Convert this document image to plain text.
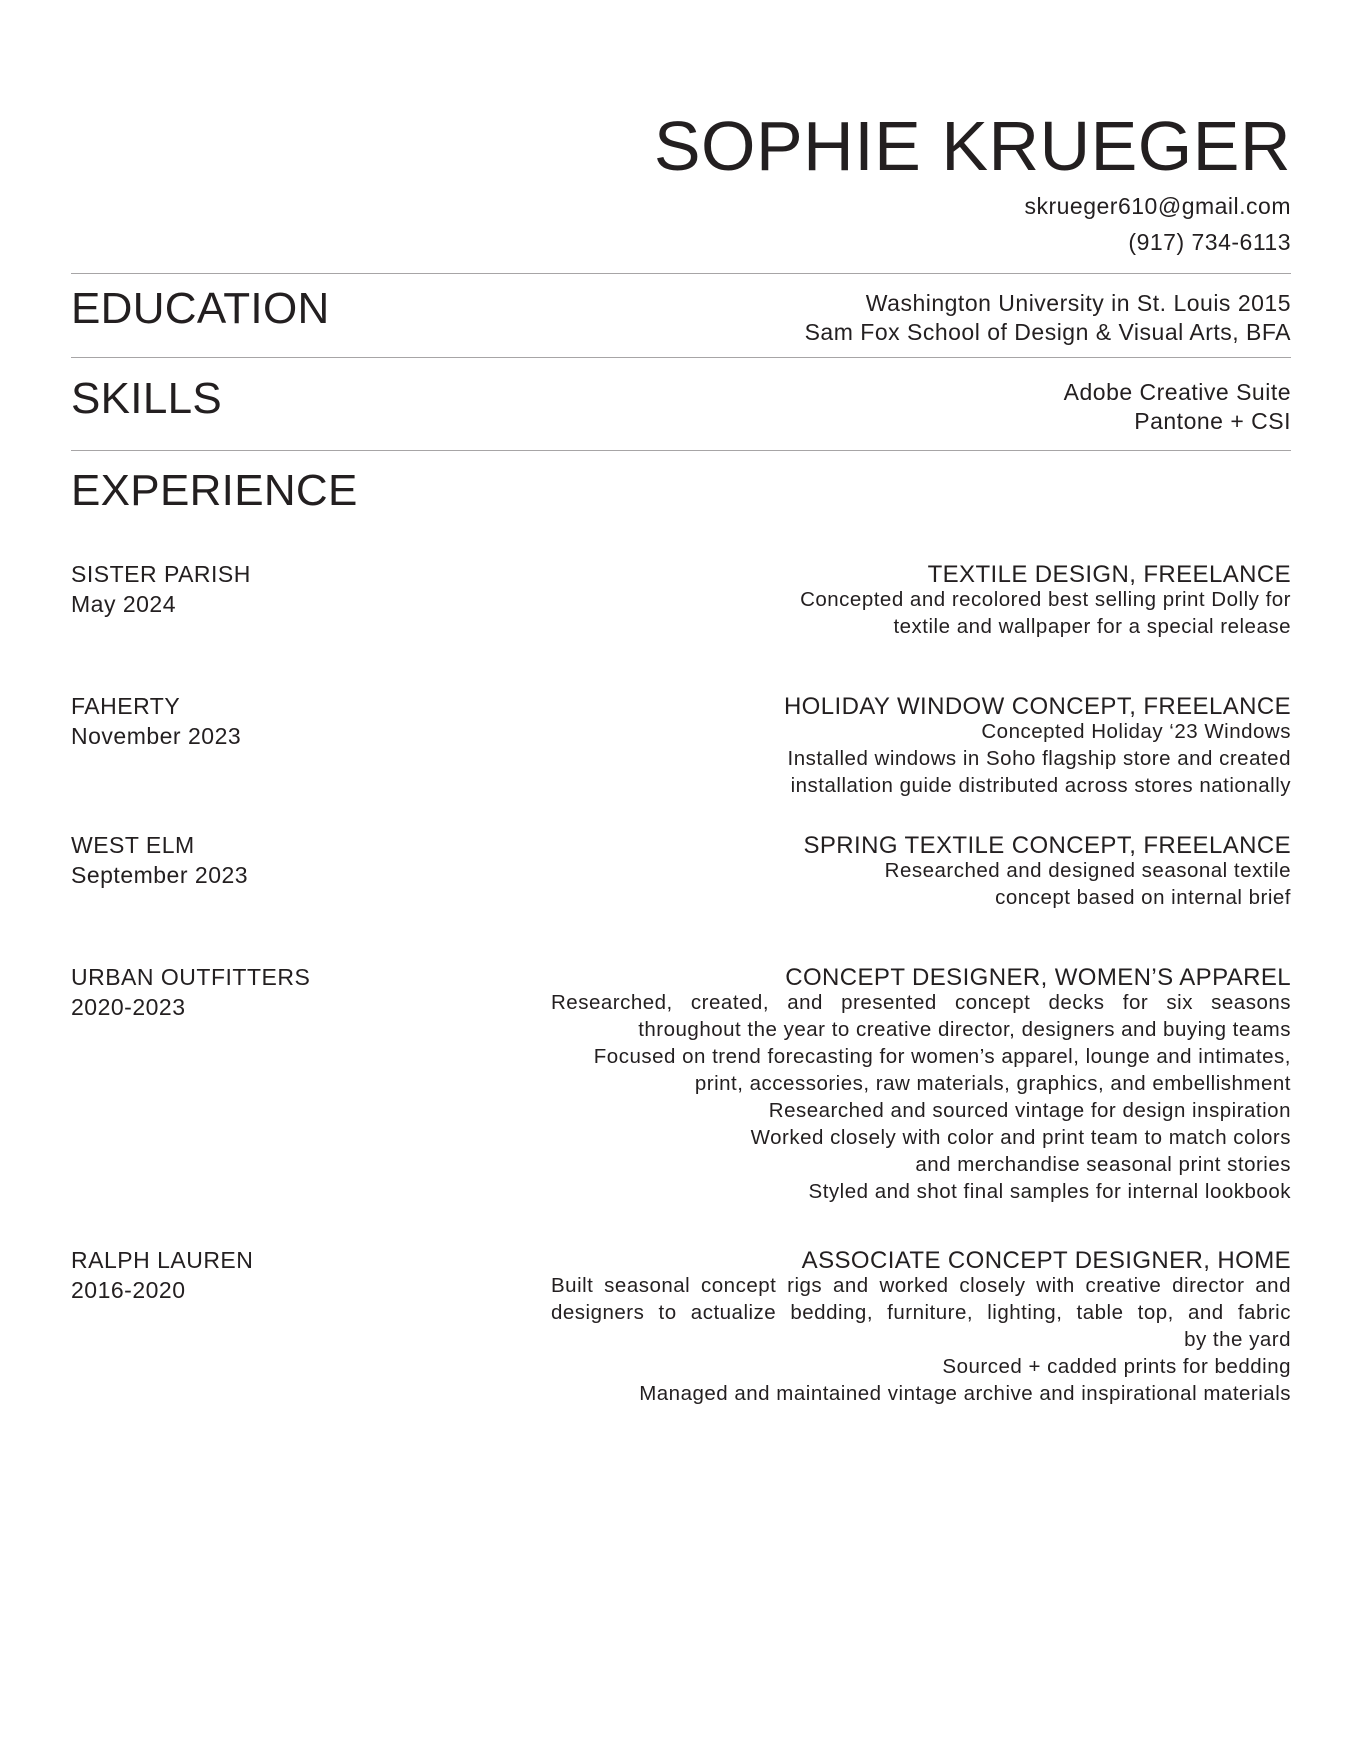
SOPHIE KRUEGER
skrueger610@gmail.com
(917) 734-6113
EDUCATION	Washington University in St. Louis 2015
Sam Fox School of Design & Visual Arts, BFA
SKILLS	Adobe Creative Suite
Pantone + CSI
EXPERIENCE
SISTER PARISH
May 2024
TEXTILE DESIGN, FREELANCE
Concepted and recolored best selling print Dolly for
textile and wallpaper for a special release
FAHERTY
November 2023
HOLIDAY WINDOW CONCEPT, FREELANCE
Concepted Holiday ‘23 Windows
Installed windows in Soho flagship store and created
installation guide distributed across stores nationally
WEST ELM
September 2023
SPRING TEXTILE CONCEPT, FREELANCE
Researched and designed seasonal textile
concept based on internal brief
URBAN OUTFITTERS
2020-2023
CONCEPT DESIGNER, WOMEN’S APPAREL
Researched, created, and presented concept decks for six seasons
throughout the year to creative director, designers and buying teams
Focused on trend forecasting for women’s apparel, lounge and intimates,
print, accessories, raw materials, graphics, and embellishment
Researched and sourced vintage for design inspiration
Worked closely with color and print team to match colors
and merchandise seasonal print stories
Styled and shot final samples for internal lookbook
RALPH LAUREN
2016-2020
ASSOCIATE CONCEPT DESIGNER, HOME
Built seasonal concept rigs and worked closely with creative director and
designers to actualize bedding, furniture, lighting, table top, and fabric
by the yard
Sourced + cadded prints for bedding
Managed and maintained vintage archive and inspirational materials
